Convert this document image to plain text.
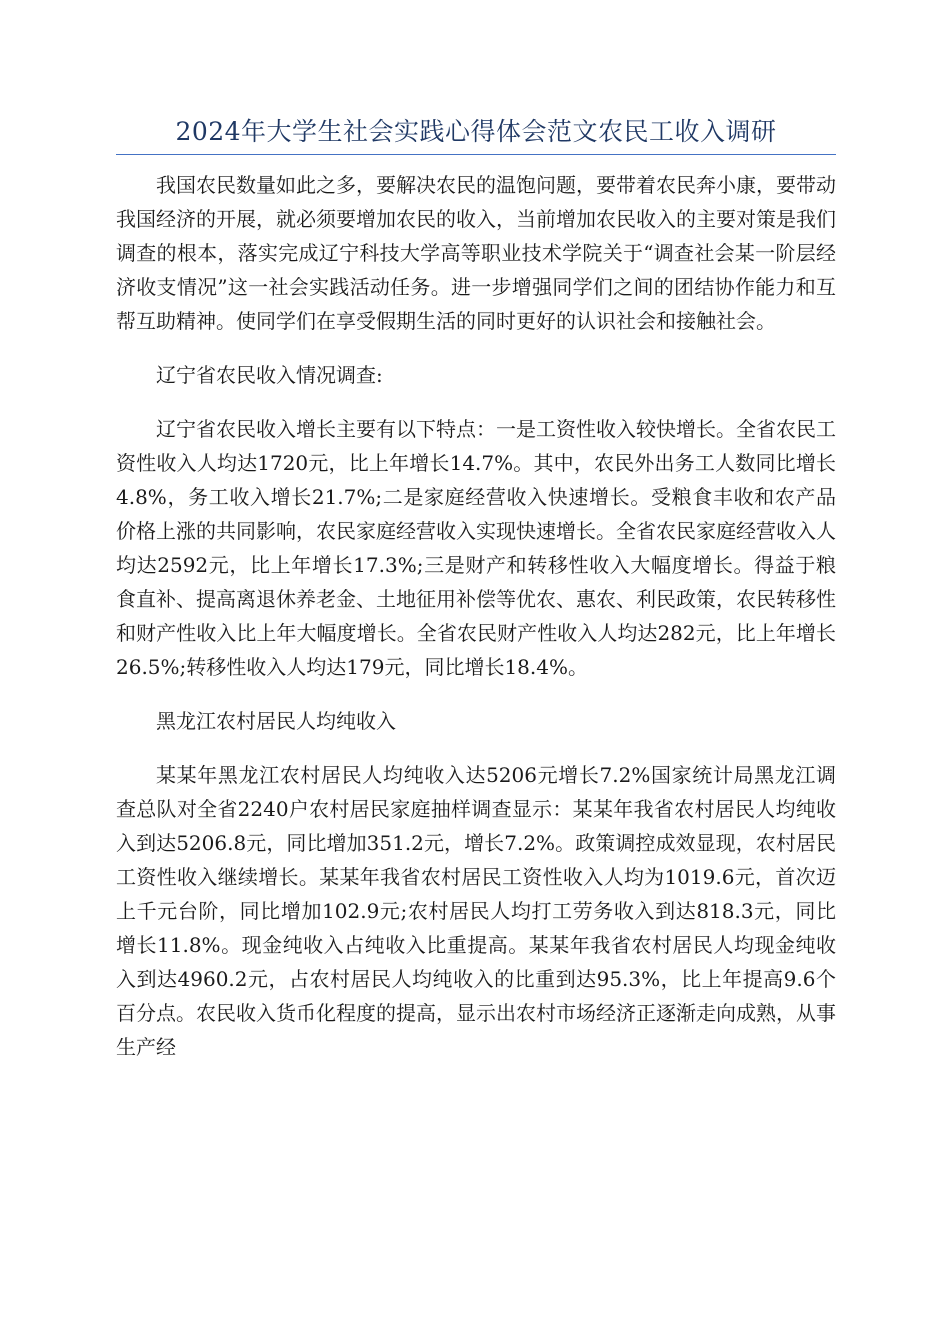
2024年大学生社会实践心得体会范文农民工收入调研

我国农民数量如此之多，要解决农民的温饱问题，要带着农民奔小康，要带动我国经济的开展，就必须要增加农民的收入，当前增加农民收入的主要对策是我们调查的根本，落实完成辽宁科技大学高等职业技术学院关于“调查社会某一阶层经济收支情况”这一社会实践活动任务。进一步增强同学们之间的团结协作能力和互帮互助精神。使同学们在享受假期生活的同时更好的认识社会和接触社会。

辽宁省农民收入情况调查:

辽宁省农民收入增长主要有以下特点：一是工资性收入较快增长。全省农民工资性收入人均达1720元，比上年增长14.7%。其中，农民外出务工人数同比增长4.8%，务工收入增长21.7%;二是家庭经营收入快速增长。受粮食丰收和农产品价格上涨的共同影响，农民家庭经营收入实现快速增长。全省农民家庭经营收入人均达2592元，比上年增长17.3%;三是财产和转移性收入大幅度增长。得益于粮食直补、提高离退休养老金、土地征用补偿等优农、惠农、利民政策，农民转移性和财产性收入比上年大幅度增长。全省农民财产性收入人均达282元，比上年增长26.5%;转移性收入人均达179元，同比增长18.4%。

黑龙江农村居民人均纯收入

某某年黑龙江农村居民人均纯收入达5206元增长7.2%国家统计局黑龙江调查总队对全省2240户农村居民家庭抽样调查显示：某某年我省农村居民人均纯收入到达5206.8元，同比增加351.2元，增长7.2%。政策调控成效显现，农村居民工资性收入继续增长。某某年我省农村居民工资性收入人均为1019.6元，首次迈上千元台阶，同比增加102.9元;农村居民人均打工劳务收入到达818.3元，同比增长11.8%。现金纯收入占纯收入比重提高。某某年我省农村居民人均现金纯收入到达4960.2元，占农村居民人均纯收入的比重到达95.3%，比上年提高9.6个百分点。农民收入货币化程度的提高，显示出农村市场经济正逐渐走向成熟，从事生产经
